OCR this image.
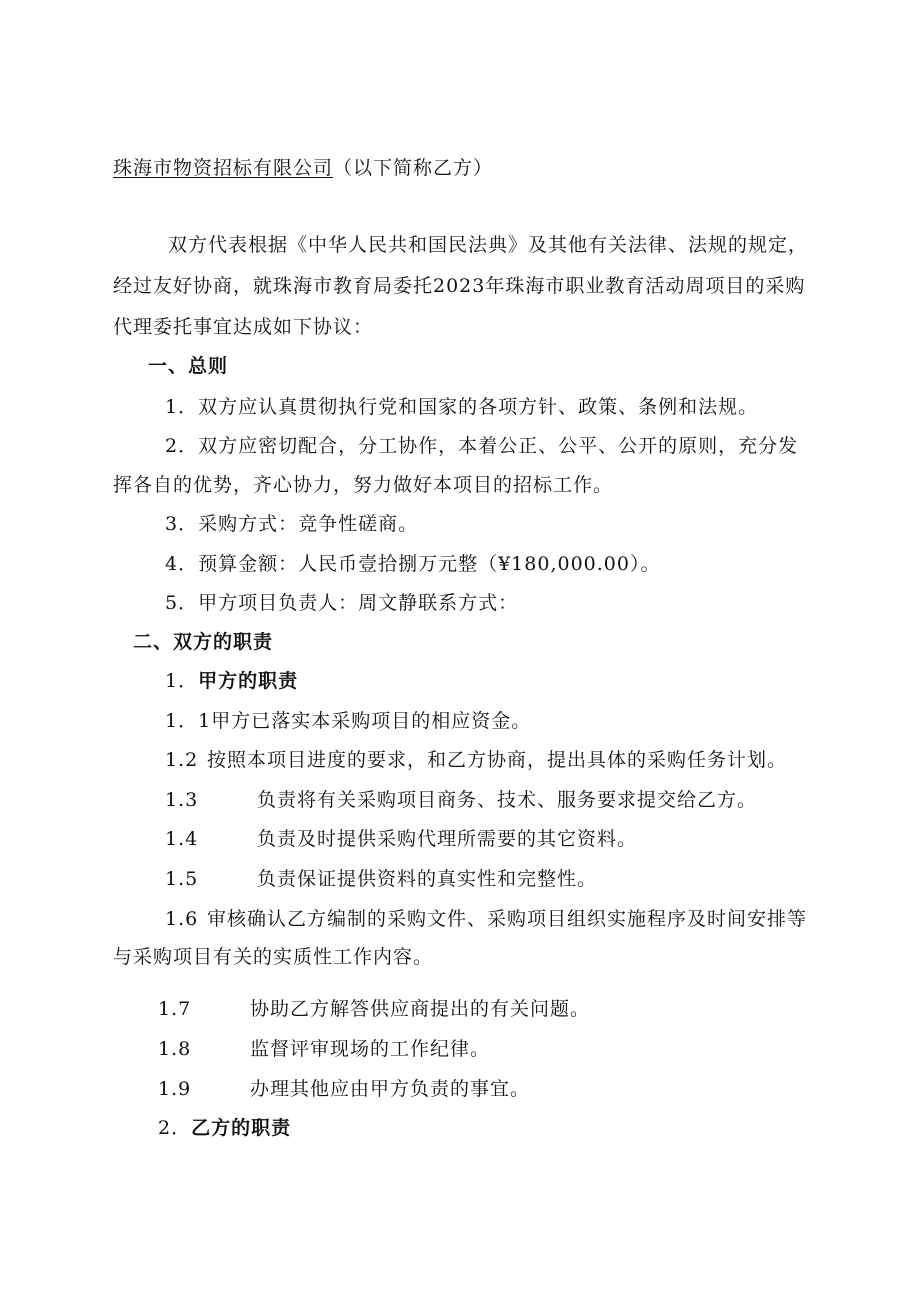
珠海市物资招标有限公司（以下简称乙方）
双方代表根据《中华人民共和国民法典》及其他有关法律、法规的规定，
经过友好协商，就珠海市教育局委托2023年珠海市职业教育活动周项目的采购
代理委托事宜达成如下协议：
一、总则
1．双方应认真贯彻执行党和国家的各项方针、政策、条例和法规。
2．双方应密切配合，分工协作，本着公正、公平、公开的原则，充分发
挥各自的优势，齐心协力，努力做好本项目的招标工作。
3．采购方式：竞争性磋商。
4．预算金额：人民币壹拾捌万元整（¥180,000.00）。
5．甲方项目负责人：周文静联系方式：
二、双方的职责
1．甲方的职责
1．1甲方已落实本采购项目的相应资金。
1.2 按照本项目进度的要求，和乙方协商，提出具体的采购任务计划。
1.3	负责将有关采购项目商务、技术、服务要求提交给乙方。
1.4	负责及时提供采购代理所需要的其它资料。
1.5	负责保证提供资料的真实性和完整性。
1.6 审核确认乙方编制的采购文件、采购项目组织实施程序及时间安排等
与采购项目有关的实质性工作内容。
1.7	协助乙方解答供应商提出的有关问题。
1.8	监督评审现场的工作纪律。
1.9	办理其他应由甲方负责的事宜。
2．乙方的职责
